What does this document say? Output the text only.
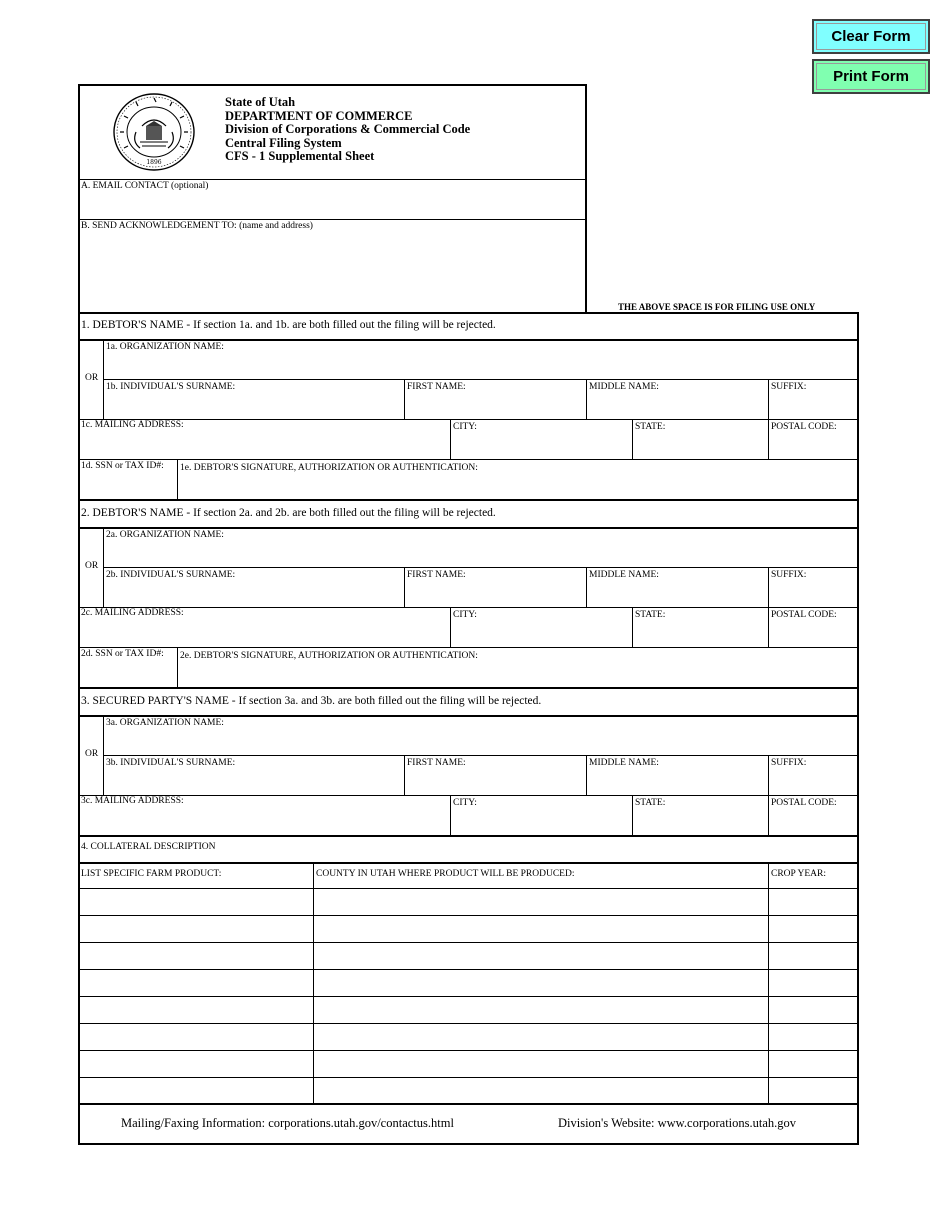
Clear Form
Print Form
1896
State of Utah
DEPARTMENT OF COMMERCE
Division of Corporations & Commercial Code
Central Filing System
CFS - 1 Supplemental Sheet
A. EMAIL CONTACT (optional)
B. SEND ACKNOWLEDGEMENT TO: (name and address)
THE ABOVE SPACE IS FOR FILING USE ONLY
1. DEBTOR'S NAME - If section 1a. and 1b. are both filled out the filing will be rejected.
2. DEBTOR'S NAME - If section 2a. and 2b. are both filled out the filing will be rejected.
3. SECURED PARTY'S NAME - If section 3a. and 3b. are both filled out the filing will be rejected.
1a. ORGANIZATION NAME:
OR
1b. INDIVIDUAL'S SURNAME:	FIRST NAME:	MIDDLE NAME:	SUFFIX:
1c. MAILING ADDRESS:	CITY:	STATE:	POSTAL CODE:
1d. SSN or TAX ID#: 1e. DEBTOR'S SIGNATURE, AUTHORIZATION OR AUTHENTICATION:
2a. ORGANIZATION NAME:
OR
2b. INDIVIDUAL'S SURNAME:	FIRST NAME:	MIDDLE NAME:	SUFFIX:
2c. MAILING ADDRESS:	CITY:	STATE:	POSTAL CODE:
2d. SSN or TAX ID#: 2e. DEBTOR'S SIGNATURE, AUTHORIZATION OR AUTHENTICATION:
3a. ORGANIZATION NAME:
OR
3b. INDIVIDUAL'S SURNAME:	FIRST NAME:	MIDDLE NAME:	SUFFIX:
3c. MAILING ADDRESS:	CITY:	STATE:	POSTAL CODE:
4. COLLATERAL DESCRIPTION
LIST SPECIFIC FARM PRODUCT:	COUNTY IN UTAH WHERE PRODUCT WILL BE PRODUCED:	CROP YEAR:
Mailing/Faxing Information: corporations.utah.gov/contactus.html	Division's Website: www.corporations.utah.gov
